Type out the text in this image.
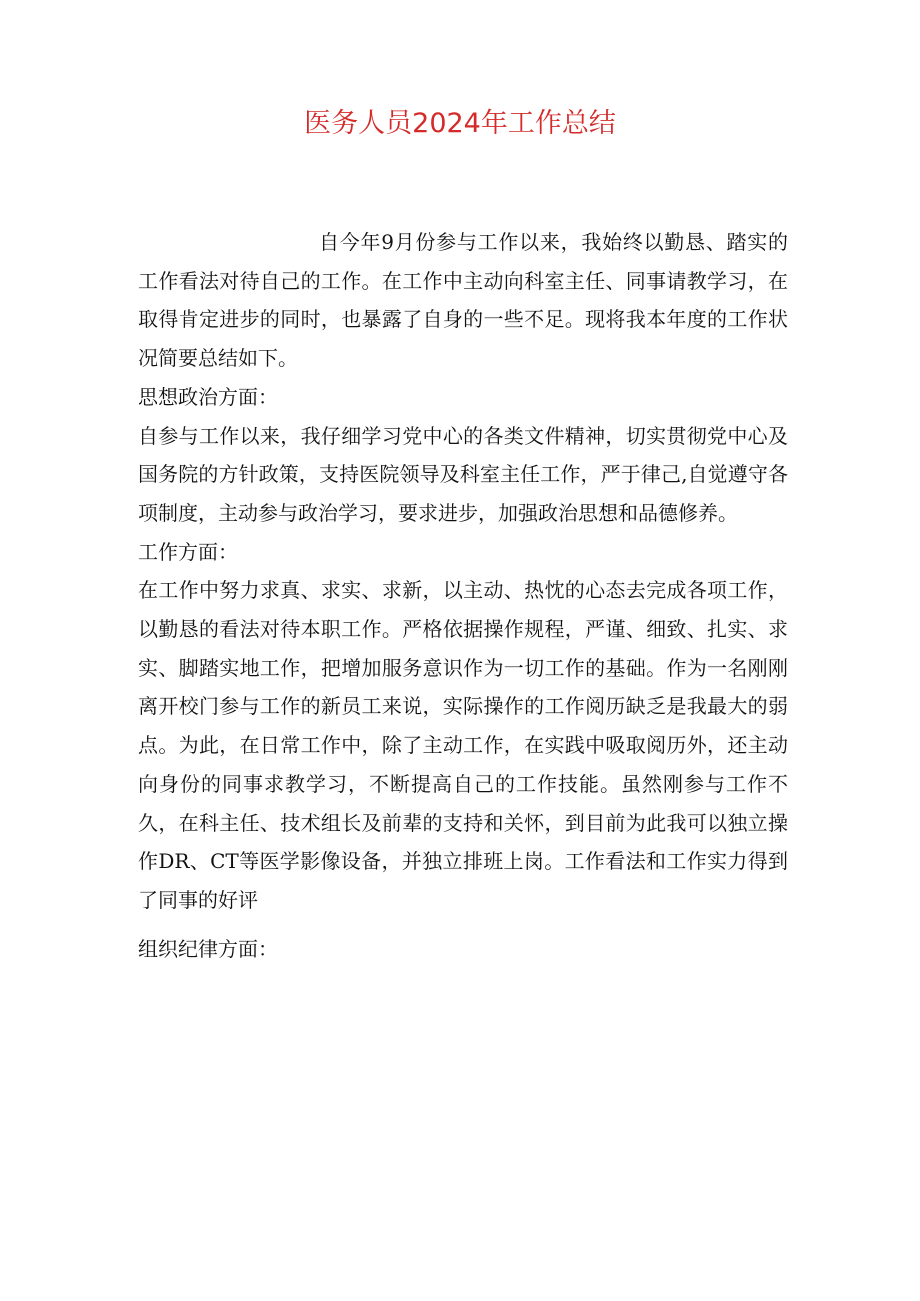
医务人员2024年工作总结

自今年9月份参与工作以来，我始终以勤恳、踏实的工作看法对待自己的工作。在工作中主动向科室主任、同事请教学习，在取得肯定进步的同时，也暴露了自身的一些不足。现将我本年度的工作状况简要总结如下。

思想政治方面：

自参与工作以来，我仔细学习党中心的各类文件精神，切实贯彻党中心及国务院的方针政策，支持医院领导及科室主任工作，严于律己,自觉遵守各项制度，主动参与政治学习，要求进步，加强政治思想和品德修养。

工作方面：

在工作中努力求真、求实、求新，以主动、热忱的心态去完成各项工作，以勤恳的看法对待本职工作。严格依据操作规程，严谨、细致、扎实、求实、脚踏实地工作，把增加服务意识作为一切工作的基础。作为一名刚刚离开校门参与工作的新员工来说，实际操作的工作阅历缺乏是我最大的弱点。为此，在日常工作中，除了主动工作，在实践中吸取阅历外，还主动向身份的同事求教学习，不断提高自己的工作技能。虽然刚参与工作不久，在科主任、技术组长及前辈的支持和关怀，到目前为此我可以独立操作DR、CT等医学影像设备，并独立排班上岗。工作看法和工作实力得到了同事的好评

组织纪律方面：
